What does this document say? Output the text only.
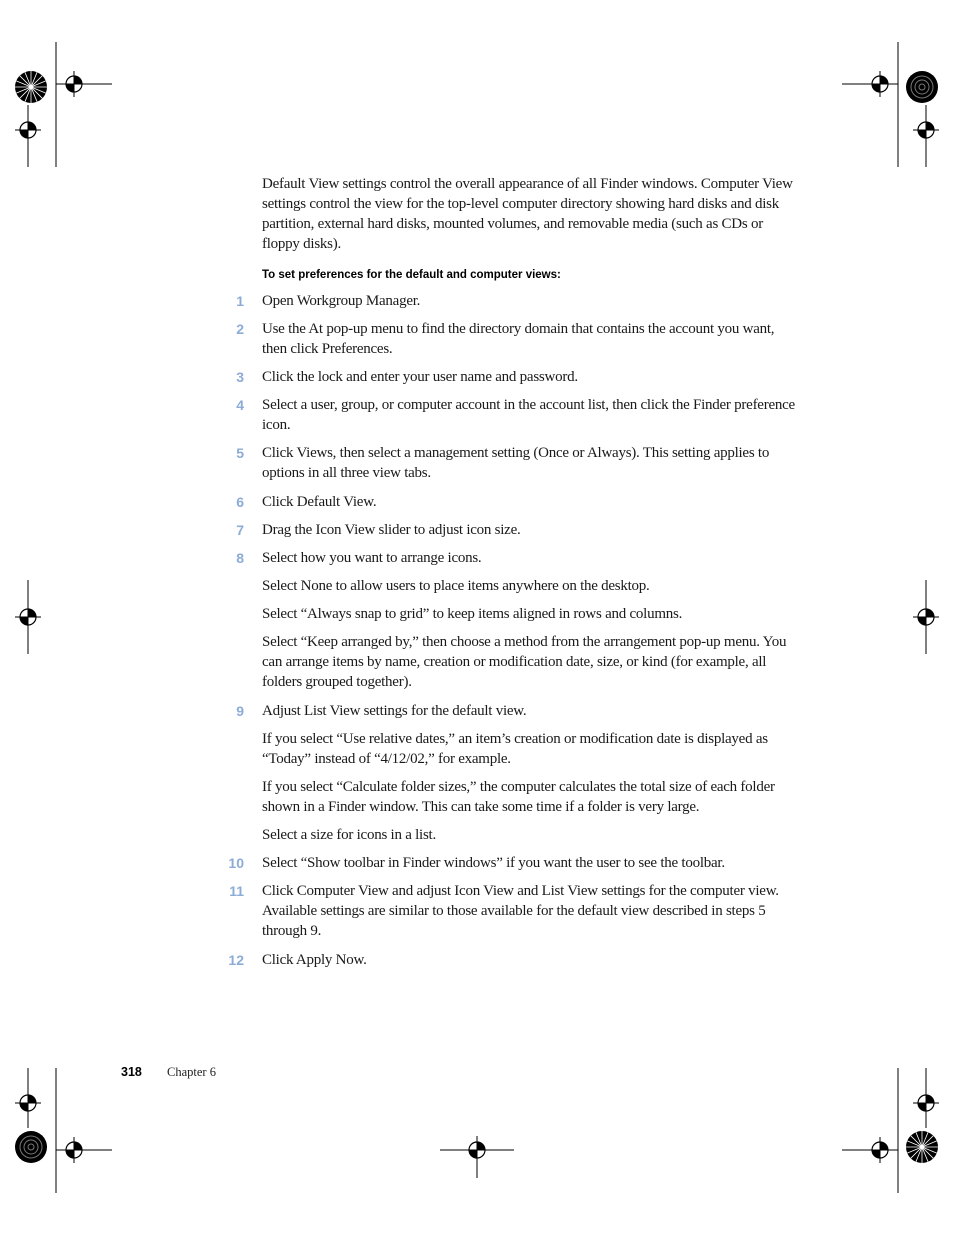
Default View settings control the overall appearance of all Finder windows. Computer View settings control the view for the top-level computer directory showing hard disks and disk partition, external hard disks, mounted volumes, and removable media (such as CDs or floppy disks).

To set preferences for the default and computer views:

1 Open Workgroup Manager.

2 Use the At pop-up menu to find the directory domain that contains the account you want, then click Preferences.

3 Click the lock and enter your user name and password.

4 Select a user, group, or computer account in the account list, then click the Finder preference icon.

5 Click Views, then select a management setting (Once or Always). This setting applies to options in all three view tabs.

6 Click Default View.

7 Drag the Icon View slider to adjust icon size.

8 Select how you want to arrange icons.

Select None to allow users to place items anywhere on the desktop.

Select “Always snap to grid” to keep items aligned in rows and columns.

Select “Keep arranged by,” then choose a method from the arrangement pop-up menu. You can arrange items by name, creation or modification date, size, or kind (for example, all folders grouped together).

9 Adjust List View settings for the default view.

If you select “Use relative dates,” an item’s creation or modification date is displayed as “Today” instead of “4/12/02,” for example.

If you select “Calculate folder sizes,” the computer calculates the total size of each folder shown in a Finder window. This can take some time if a folder is very large.

Select a size for icons in a list.

10 Select “Show toolbar in Finder windows” if you want the user to see the toolbar.

11 Click Computer View and adjust Icon View and List View settings for the computer view. Available settings are similar to those available for the default view described in steps 5 through 9.

12 Click Apply Now.

318 Chapter 6
